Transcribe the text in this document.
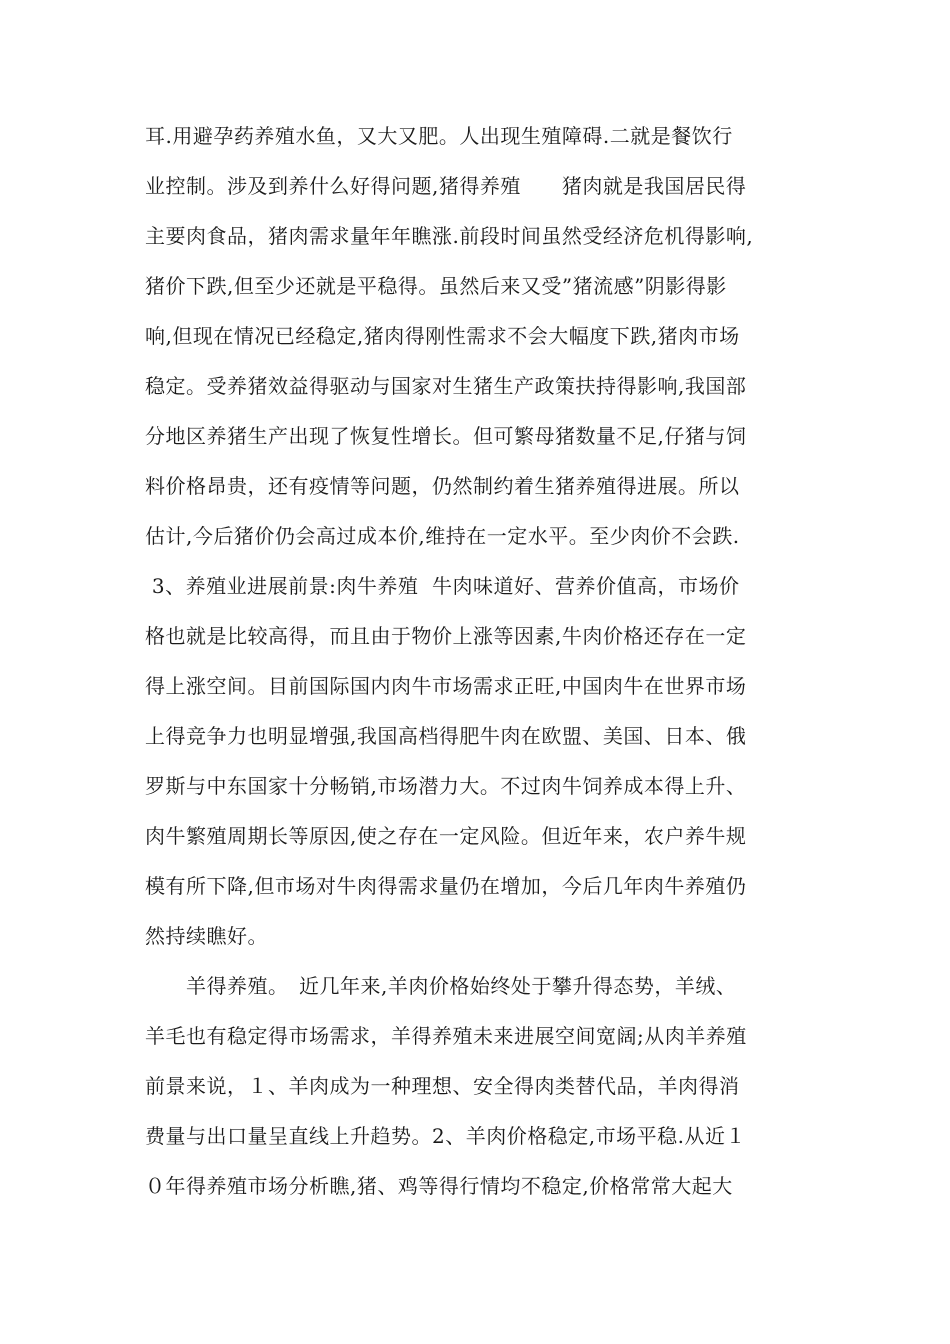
耳.用避孕药养殖水鱼，又大又肥。人出现生殖障碍.二就是餐饮行
业控制。涉及到养什么好得问题,猪得养殖　　猪肉就是我国居民得
主要肉食品，猪肉需求量年年瞧涨.前段时间虽然受经济危机得影响,
猪价下跌,但至少还就是平稳得。虽然后来又受”猪流感”阴影得影
响,但现在情况已经稳定,猪肉得刚性需求不会大幅度下跌,猪肉市场
稳定。受养猪效益得驱动与国家对生猪生产政策扶持得影响,我国部
分地区养猪生产出现了恢复性增长。但可繁母猪数量不足,仔猪与饲
料价格昂贵，还有疫情等问题，仍然制约着生猪养殖得进展。所以
估计,今后猪价仍会高过成本价,维持在一定水平。至少肉价不会跌.
3、养殖业进展前景:肉牛养殖  牛肉味道好、营养价值高，市场价
格也就是比较高得，而且由于物价上涨等因素,牛肉价格还存在一定
得上涨空间。目前国际国内肉牛市场需求正旺,中国肉牛在世界市场
上得竞争力也明显增强,我国高档得肥牛肉在欧盟、美国、日本、俄
罗斯与中东国家十分畅销,市场潜力大。不过肉牛饲养成本得上升、
肉牛繁殖周期长等原因,使之存在一定风险。但近年来，农户养牛规
模有所下降,但市场对牛肉得需求量仍在增加，今后几年肉牛养殖仍
然持续瞧好。
　　羊得养殖。　近几年来,羊肉价格始终处于攀升得态势，羊绒、
羊毛也有稳定得市场需求，羊得养殖未来进展空间宽阔;从肉羊养殖
前景来说，１、羊肉成为一种理想、安全得肉类替代品，羊肉得消
费量与出口量呈直线上升趋势。2、羊肉价格稳定,市场平稳.从近１
０年得养殖市场分析瞧,猪、鸡等得行情均不稳定,价格常常大起大
